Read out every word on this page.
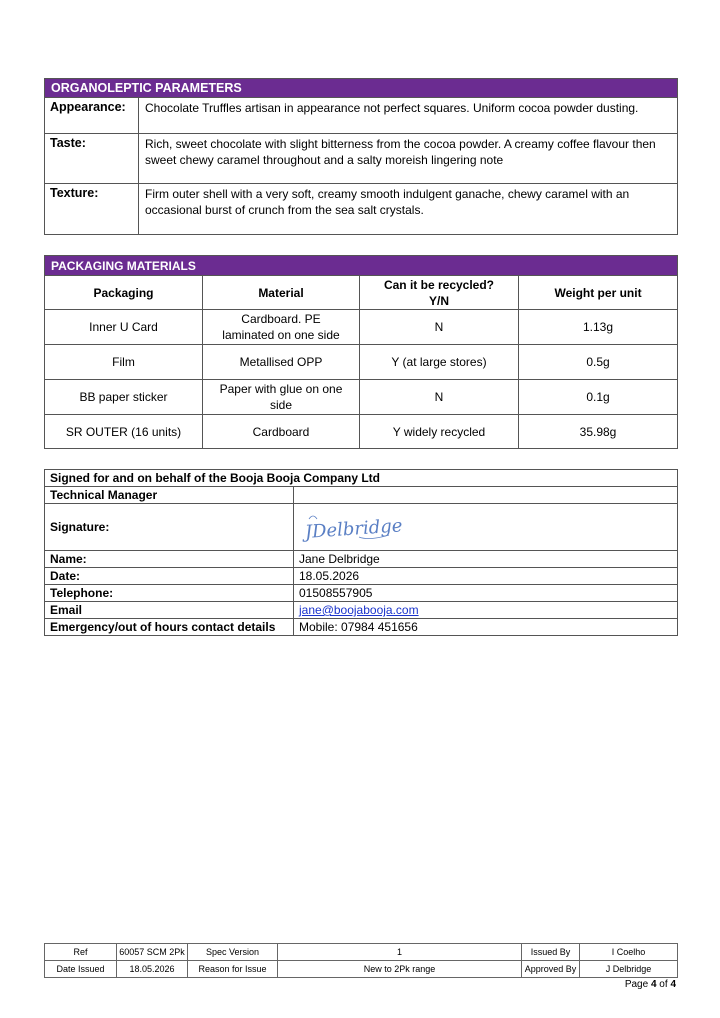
ORGANOLEPTIC PARAMETERS	
Appearance:	Chocolate Truffles artisan in appearance not perfect squares. Uniform cocoa powder dusting.
Taste:	Rich, sweet chocolate with slight bitterness from the cocoa powder. A creamy coffee flavour then sweet chewy caramel throughout and a salty moreish lingering note
Texture:	Firm outer shell with a very soft, creamy smooth indulgent ganache, chewy caramel with an occasional burst of crunch from the sea salt crystals.
PACKAGING MATERIALS			
Packaging	Material	Can it be recycled? Y/N	Weight per unit
Inner U Card	Cardboard. PE laminated on one side	N	1.13g
Film	Metallised OPP	Y (at large stores)	0.5g
BB paper sticker	Paper with glue on one side	N	0.1g
SR OUTER (16 units)	Cardboard	Y widely recycled	35.98g
Signed for and on behalf of the Booja Booja Company Ltd	
Technical Manager	
Signature:	JDelbridge

Name:	Jane Delbridge
Date:	18.05.2026
Telephone:	01508557905
Email	jane@boojabooja.com
Emergency/out of hours contact details	Mobile: 07984 451656
Ref	60057 SCM 2Pk	Spec Version	1	Issued By	I Coelho
Date Issued	18.05.2026	Reason for Issue	New to 2Pk range	Approved By	J Delbridge
Page 4 of 4
